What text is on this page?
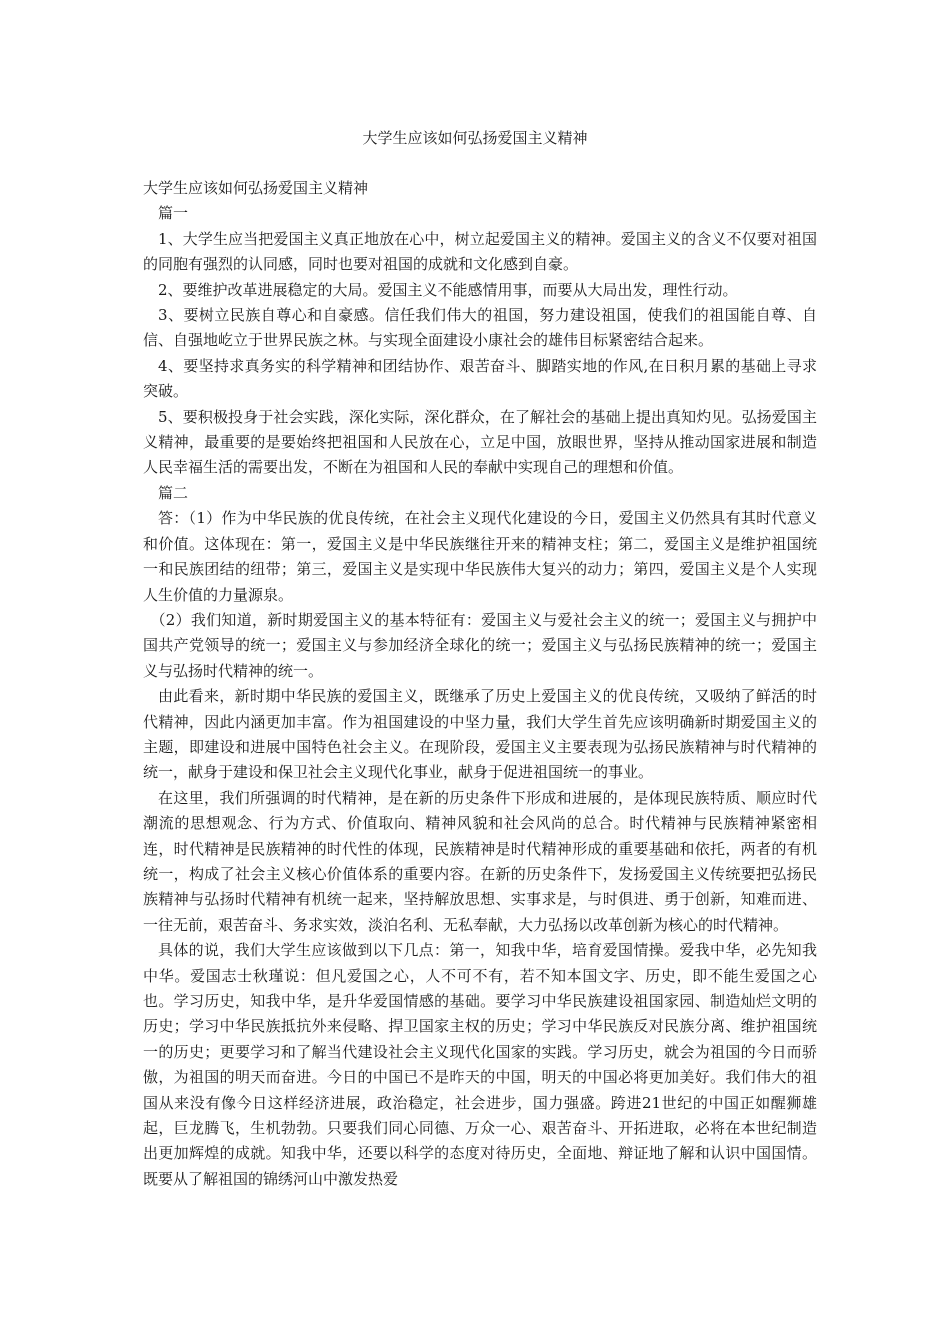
大学生应该如何弘扬爱国主义精神

大学生应该如何弘扬爱国主义精神

篇一

1、大学生应当把爱国主义真正地放在心中，树立起爱国主义的精神。爱国主义的含义不仅要对祖国的同胞有强烈的认同感，同时也要对祖国的成就和文化感到自豪。

2、要维护改革进展稳定的大局。爱国主义不能感情用事，而要从大局出发，理性行动。

3、要树立民族自尊心和自豪感。信任我们伟大的祖国，努力建设祖国，使我们的祖国能自尊、自信、自强地屹立于世界民族之林。与实现全面建设小康社会的雄伟目标紧密结合起来。

4、要坚持求真务实的科学精神和团结协作、艰苦奋斗、脚踏实地的作风,在日积月累的基础上寻求突破。

5、要积极投身于社会实践，深化实际，深化群众，在了解社会的基础上提出真知灼见。弘扬爱国主义精神，最重要的是要始终把祖国和人民放在心，立足中国，放眼世界，坚持从推动国家进展和制造人民幸福生活的需要出发，不断在为祖国和人民的奉献中实现自己的理想和价值。

篇二

答：（1）作为中华民族的优良传统，在社会主义现代化建设的今日，爱国主义仍然具有其时代意义和价值。这体现在：第一，爱国主义是中华民族继往开来的精神支柱；第二，爱国主义是维护祖国统一和民族团结的纽带；第三，爱国主义是实现中华民族伟大复兴的动力；第四，爱国主义是个人实现人生价值的力量源泉。

（2）我们知道，新时期爱国主义的基本特征有：爱国主义与爱社会主义的统一；爱国主义与拥护中国共产党领导的统一；爱国主义与参加经济全球化的统一；爱国主义与弘扬民族精神的统一；爱国主义与弘扬时代精神的统一。

由此看来，新时期中华民族的爱国主义，既继承了历史上爱国主义的优良传统，又吸纳了鲜活的时代精神，因此内涵更加丰富。作为祖国建设的中坚力量，我们大学生首先应该明确新时期爱国主义的主题，即建设和进展中国特色社会主义。在现阶段，爱国主义主要表现为弘扬民族精神与时代精神的统一，献身于建设和保卫社会主义现代化事业，献身于促进祖国统一的事业。

在这里，我们所强调的时代精神，是在新的历史条件下形成和进展的，是体现民族特质、顺应时代潮流的思想观念、行为方式、价值取向、精神风貌和社会风尚的总合。时代精神与民族精神紧密相连，时代精神是民族精神的时代性的体现，民族精神是时代精神形成的重要基础和依托，两者的有机统一，构成了社会主义核心价值体系的重要内容。在新的历史条件下，发扬爱国主义传统要把弘扬民族精神与弘扬时代精神有机统一起来，坚持解放思想、实事求是，与时俱进、勇于创新，知难而进、一往无前，艰苦奋斗、务求实效，淡泊名利、无私奉献，大力弘扬以改革创新为核心的时代精神。

具体的说，我们大学生应该做到以下几点：第一，知我中华，培育爱国情操。爱我中华，必先知我中华。爱国志士秋瑾说：但凡爱国之心，人不可不有，若不知本国文字、历史，即不能生爱国之心也。学习历史，知我中华，是升华爱国情感的基础。要学习中华民族建设祖国家园、制造灿烂文明的历史；学习中华民族抵抗外来侵略、捍卫国家主权的历史；学习中华民族反对民族分离、维护祖国统一的历史；更要学习和了解当代建设社会主义现代化国家的实践。学习历史，就会为祖国的今日而骄傲，为祖国的明天而奋进。今日的中国已不是昨天的中国，明天的中国必将更加美好。我们伟大的祖国从来没有像今日这样经济进展，政治稳定，社会进步，国力强盛。跨进21世纪的中国正如醒狮雄起，巨龙腾飞，生机勃勃。只要我们同心同德、万众一心、艰苦奋斗、开拓进取，必将在本世纪制造出更加辉煌的成就。知我中华，还要以科学的态度对待历史，全面地、辩证地了解和认识中国国情。既要从了解祖国的锦绣河山中激发热爱
